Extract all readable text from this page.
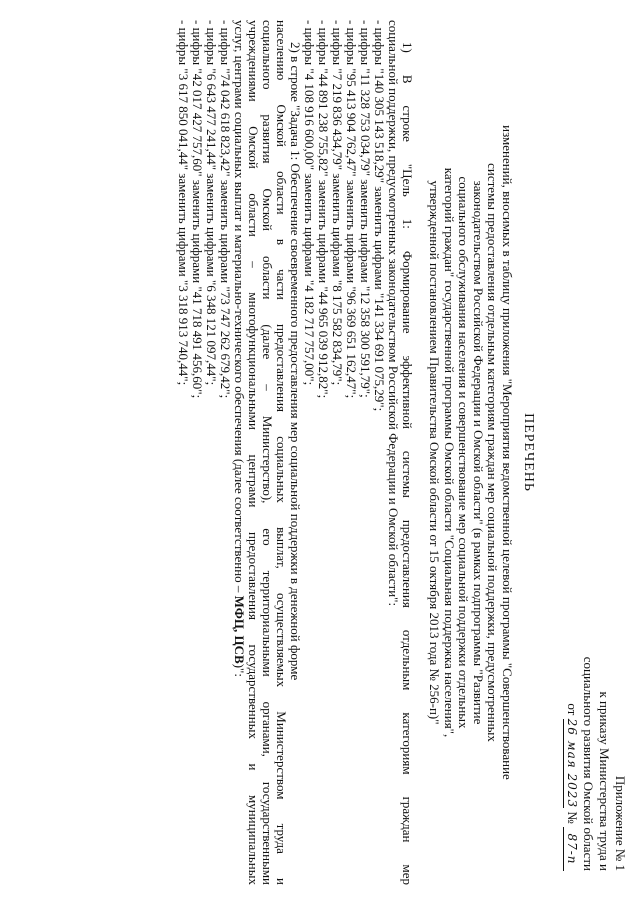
Приложение № 1
к приказу Министерства труда и
социального развития Омской области
от 26 мая 2023 № 87-п
ПЕРЕЧЕНЬ
изменений, вносимых в таблицу приложения "Мероприятия ведомственной целевой программы "Совершенствование
системы предоставления отдельным категориям граждан мер социальной поддержки, предусмотренных
законодательством Российской Федерации и Омской области" (в рамках подпрограммы "Развитие
социального обслуживания населения и совершенствование мер социальной поддержки отдельных
категорий граждан" государственной программы Омской области "Социальная поддержка населения",
утвержденной постановлением Правительства Омской области от 15 октября 2013 года № 256-п)"
1) В строке "Цель 1: Формирование эффективной системы предоставления отдельным категориям граждан мер
социальной поддержки, предусмотренных законодательством Российской Федерации и Омской области":
- цифры "140 305 143 518,29" заменить цифрами "141 334 691 075,29";
- цифры "11 328 753 034,79" заменить цифрами "12 358 300 591,79";
- цифры "95 413 904 762,47" заменить цифрами "96 369 651 162,47";
- цифры "7 219 836 434,79" заменить цифрами "8 175 582 834,79";
- цифры "44 891 238 755,82" заменить цифрами "44 965 039 912,82";
- цифры "4 108 916 600,00" заменить цифрами "4 182 717 757,00";
2) в строке "Задача 1: Обеспечение своевременного предоставления мер социальной поддержки в денежной форме
населению Омской области в части предоставления социальных выплат, осуществляемых Министерством труда и
социального развития Омской области (далее – Министерство), его территориальными органами, государственными
учреждениями Омской области – многофункциональными центрами предоставления государственных и муниципальных
услуг, центрами социальных выплат и материально-технического обеспечения (далее соответственно – МФЦ, ЦСВ)":
- цифры "74 042 618 823,42" заменить цифрами "73 747 262 679,42";
- цифры "6 643 477 241,44" заменить цифрами "6 348 121 097,44";
- цифры "42 017 427 757,60" заменить цифрами "41 718 491 456,60";
- цифры "3 617 850 041,44" заменить цифрами "3 318 913 740,44";
